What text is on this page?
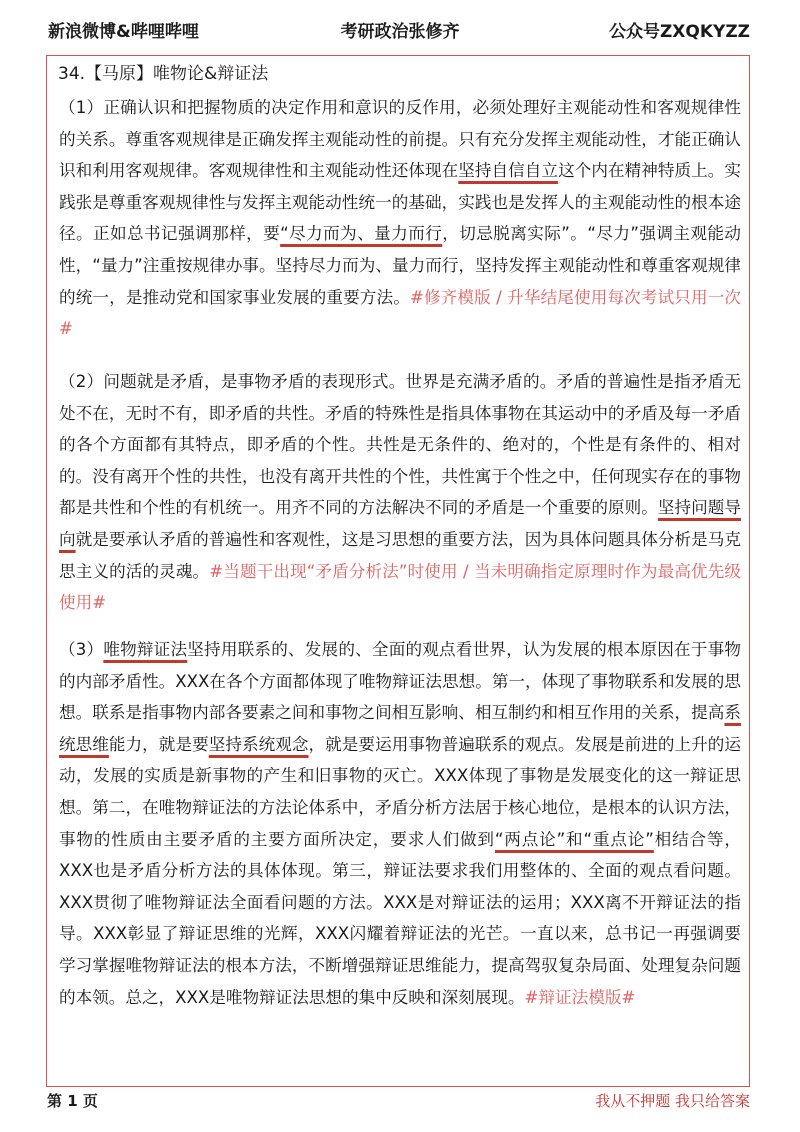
新浪微博&哔哩哔哩	考研政治张修齐	公众号ZXQKYZZ
34.【马原】唯物论&辩证法

（1）正确认识和把握物质的决定作用和意识的反作用，必须处理好主观能动性和客观规律性的关系。尊重客观规律是正确发挥主观能动性的前提。只有充分发挥主观能动性，才能正确认识和利用客观规律。客观规律性和主观能动性还体现在坚持自信自立这个内在精神特质上。实践张是尊重客观规律性与发挥主观能动性统一的基础，实践也是发挥人的主观能动性的根本途径。正如总书记强调那样，要“尽力而为、量力而行，切忌脱离实际”。“尽力”强调主观能动性，“量力”注重按规律办事。坚持尽力而为、量力而行，坚持发挥主观能动性和尊重客观规律的统一，是推动党和国家事业发展的重要方法。#修齐模版 / 升华结尾使用每次考试只用一次#

（2）问题就是矛盾，是事物矛盾的表现形式。世界是充满矛盾的。矛盾的普遍性是指矛盾无处不在，无时不有，即矛盾的共性。矛盾的特殊性是指具体事物在其运动中的矛盾及每一矛盾的各个方面都有其特点，即矛盾的个性。共性是无条件的、绝对的，个性是有条件的、相对的。没有离开个性的共性，也没有离开共性的个性，共性寓于个性之中，任何现实存在的事物都是共性和个性的有机统一。用齐不同的方法解决不同的矛盾是一个重要的原则。坚持问题导向就是要承认矛盾的普遍性和客观性，这是习思想的重要方法，因为具体问题具体分析是马克思主义的活的灵魂。#当题干出现“矛盾分析法”时使用 / 当未明确指定原理时作为最高优先级使用#

（3）唯物辩证法坚持用联系的、发展的、全面的观点看世界，认为发展的根本原因在于事物的内部矛盾性。XXX在各个方面都体现了唯物辩证法思想。第一，体现了事物联系和发展的思想。联系是指事物内部各要素之间和事物之间相互影响、相互制约和相互作用的关系，提高系统思维能力，就是要坚持系统观念，就是要运用事物普遍联系的观点。发展是前进的上升的运动，发展的实质是新事物的产生和旧事物的灭亡。XXX体现了事物是发展变化的这一辩证思想。第二，在唯物辩证法的方法论体系中，矛盾分析方法居于核心地位，是根本的认识方法，事物的性质由主要矛盾的主要方面所决定，要求人们做到“两点论”和“重点论”相结合等，XXX也是矛盾分析方法的具体体现。第三，辩证法要求我们用整体的、全面的观点看问题。XXX贯彻了唯物辩证法全面看问题的方法。XXX是对辩证法的运用；XXX离不开辩证法的指导。XXX彰显了辩证思维的光辉，XXX闪耀着辩证法的光芒。一直以来，总书记一再强调要学习掌握唯物辩证法的根本方法，不断增强辩证思维能力，提高驾驭复杂局面、处理复杂问题的本领。总之，XXX是唯物辩证法思想的集中反映和深刻展现。#辩证法模版#

第 1 页	我从不押题 我只给答案
